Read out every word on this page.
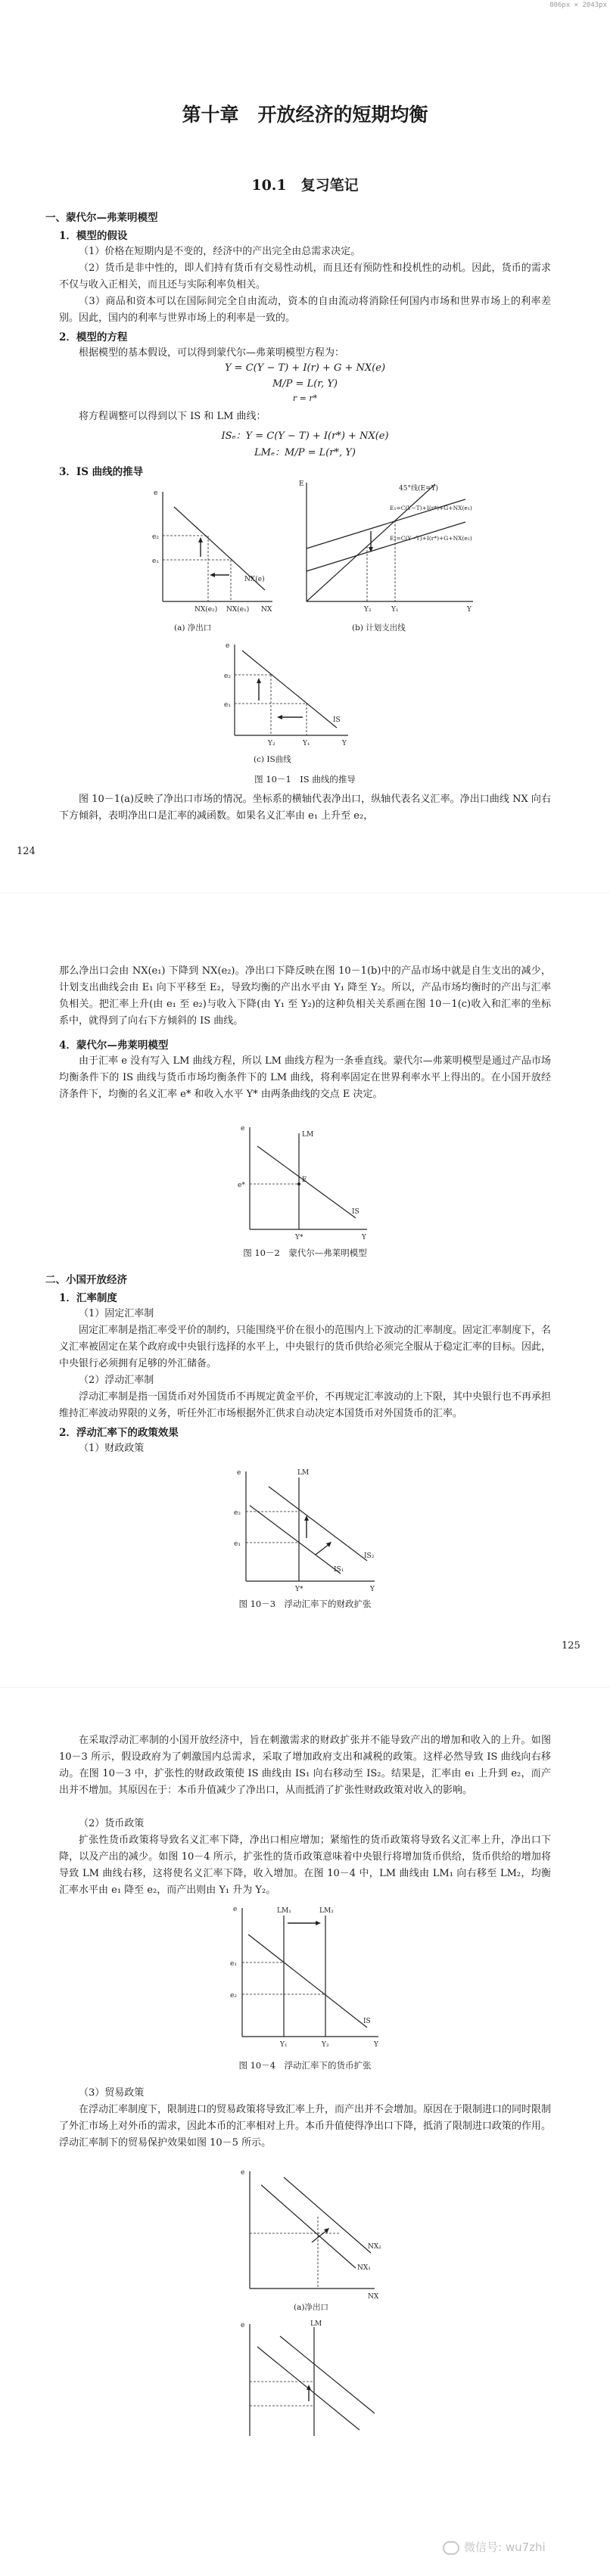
806px × 2043px
第十章　开放经济的短期均衡
10.1　复习笔记
一、蒙代尔—弗莱明模型
1．模型的假设

（1）价格在短期内是不变的，经济中的产出完全由总需求决定。

（2）货币是非中性的，即人们持有货币有交易性动机，而且还有预防性和投机性的动机。因此，货币的需求不仅与收入正相关，而且还与实际利率负相关。

（3）商品和资本可以在国际间完全自由流动，资本的自由流动将消除任何国内市场和世界市场上的利率差别。因此，国内的利率与世界市场上的利率是一致的。

2．模型的方程

根据模型的基本假设，可以得到蒙代尔—弗莱明模型方程为：

Y = C(Y − T) + I(r) + G + NX(e)
M/P = L(r, Y)
r = r*

将方程调整可以得到以下 IS 和 LM 曲线：

ISₑ：Y = C(Y − T) + I(r*) + NX(e)
LMₑ：M/P = L(r*, Y)
3．IS 曲线的推导
e
e₂
e₁
NX(e)
NX(e₂) NX(e₁) NX
(a) 净出口
E
45°线(E=Y)
E₁=C(Y−T)+I(r*)+G+NX(e₁)
E₂=C(Y−T)+I(r*)+G+NX(e₂)
Y₂	Y₁	Y
(b) 计划支出线
e
e₂
e₁
IS
Y₂	Y₁	Y
(c) IS曲线
图 10－1　IS 曲线的推导

图 10－1(a)反映了净出口市场的情况。坐标系的横轴代表净出口，纵轴代表名义汇率。净出口曲线 NX 向右下方倾斜，表明净出口是汇率的减函数。如果名义汇率由 e₁ 上升至 e₂，

124

那么净出口会由 NX(e₁) 下降到 NX(e₂)。净出口下降反映在图 10－1(b)中的产品市场中就是自生支出的减少，计划支出曲线会由 E₁ 向下平移至 E₂，导致均衡的产出水平由 Y₁ 降至 Y₂。所以，产品市场均衡时的产出与汇率负相关。把汇率上升(由 e₁ 至 e₂)与收入下降(由 Y₁ 至 Y₂)的这种负相关关系画在图 10－1(c)收入和汇率的坐标系中，就得到了向右下方倾斜的 IS 曲线。

4．蒙代尔—弗莱明模型

由于汇率 e 没有写入 LM 曲线方程，所以 LM 曲线方程为一条垂直线。蒙代尔—弗莱明模型是通过产品市场均衡条件下的 IS 曲线与货币市场均衡条件下的 LM 曲线，将利率固定在世界利率水平上得出的。在小国开放经济条件下，均衡的名义汇率 e* 和收入水平 Y* 由两条曲线的交点 E 决定。

e
LM
IS
E
e*
Y*	Y
图 10－2　蒙代尔—弗莱明模型
二、小国开放经济
1．汇率制度

（1）固定汇率制

固定汇率制是指汇率受平价的制约，只能围绕平价在很小的范围内上下波动的汇率制度。固定汇率制度下，名义汇率被固定在某个政府或中央银行选择的水平上，中央银行的货币供给必须完全服从于稳定汇率的目标。因此，中央银行必须拥有足够的外汇储备。

（2）浮动汇率制

浮动汇率制是指一国货币对外国货币不再规定黄金平价，不再规定汇率波动的上下限，其中央银行也不再承担维持汇率波动界限的义务，听任外汇市场根据外汇供求自动决定本国货币对外国货币的汇率。

2．浮动汇率下的政策效果

（1）财政政策

e	LM
e₂
e₁
IS₁
IS₂
Y*	Y
图 10－3　浮动汇率下的财政扩张
125

在采取浮动汇率制的小国开放经济中，旨在刺激需求的财政扩张并不能导致产出的增加和收入的上升。如图 10－3 所示，假设政府为了刺激国内总需求，采取了增加政府支出和减税的政策。这样必然导致 IS 曲线向右移动。在图 10－3 中，扩张性的财政政策使 IS 曲线由 IS₁ 向右移动至 IS₂。结果是，汇率由 e₁ 上升到 e₂，而产出并不增加。其原因在于：本币升值减少了净出口，从而抵消了扩张性财政政策对收入的影响。

（2）货币政策

扩张性货币政策将导致名义汇率下降，净出口相应增加；紧缩性的货币政策将导致名义汇率上升，净出口下降，以及产出的减少。如图 10－4 所示，扩张性的货币政策意味着中央银行将增加货币供给，货币供给的增加将导致 LM 曲线右移，这将使名义汇率下降，收入增加。在图 10－4 中，LM 曲线由 LM₁ 向右移至 LM₂，均衡汇率水平由 e₁ 降至 e₂，而产出则由 Y₁ 升为 Y₂。

e	LM₁	LM₂
e₁
e₂
IS
Y₁	Y₂	Y
图 10－4　浮动汇率下的货币扩张

（3）贸易政策

在浮动汇率制度下，限制进口的贸易政策将导致汇率上升，而产出并不会增加。原因在于限制进口的同时限制了外汇市场上对外币的需求，因此本币的汇率相对上升。本币升值使得净出口下降，抵消了限制进口政策的作用。浮动汇率制下的贸易保护效果如图 10－5 所示。

e
NX₁
NX₂
NX
(a)净出口
e	LM
微信号: wu7zhi
